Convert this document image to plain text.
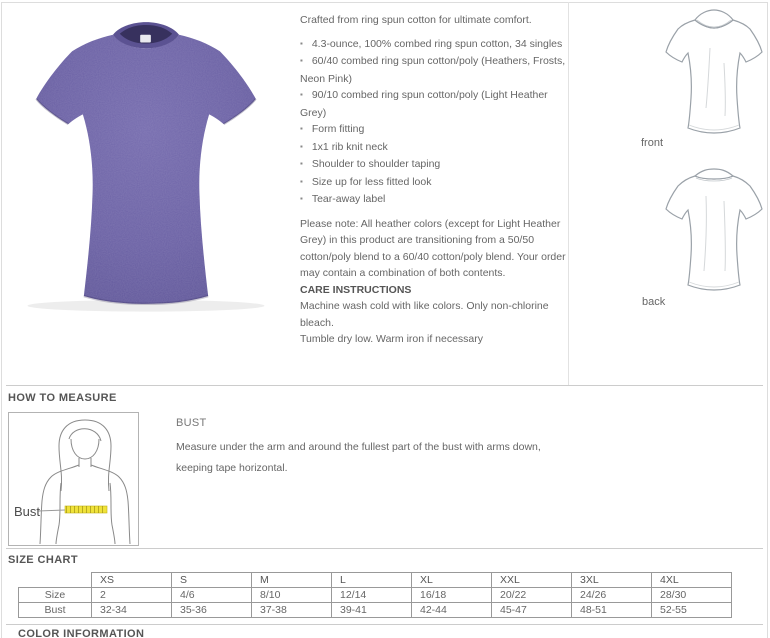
Crafted from ring spun cotton for ultimate comfort.
▪ 4.3-ounce, 100% combed ring spun cotton, 34 singles
▪ 60/40 combed ring spun cotton/poly (Heathers, Frosts, Neon Pink)
▪ 90/10 combed ring spun cotton/poly (Light Heather Grey)
▪ Form fitting
▪ 1x1 rib knit neck
▪ Shoulder to shoulder taping
▪ Size up for less fitted look
▪ Tear-away label
Please note: All heather colors (except for Light Heather Grey) in this product are transitioning from a 50/50 cotton/poly blend to a 60/40 cotton/poly blend. Your order may contain a combination of both contents.
CARE INSTRUCTIONS
Machine wash cold with like colors. Only non-chlorine bleach.
Tumble dry low. Warm iron if necessary
front
back
HOW TO MEASURE
Bust
BUST
Measure under the arm and around the fullest part of the bust with arms down, keeping tape horizontal.
SIZE CHART
	XS	S	M	L	XL	XXL	3XL	4XL
Size	2	4/6	8/10	12/14	16/18	20/22	24/26	28/30
Bust	32-34	35-36	37-38	39-41	42-44	45-47	48-51	52-55
COLOR INFORMATION
